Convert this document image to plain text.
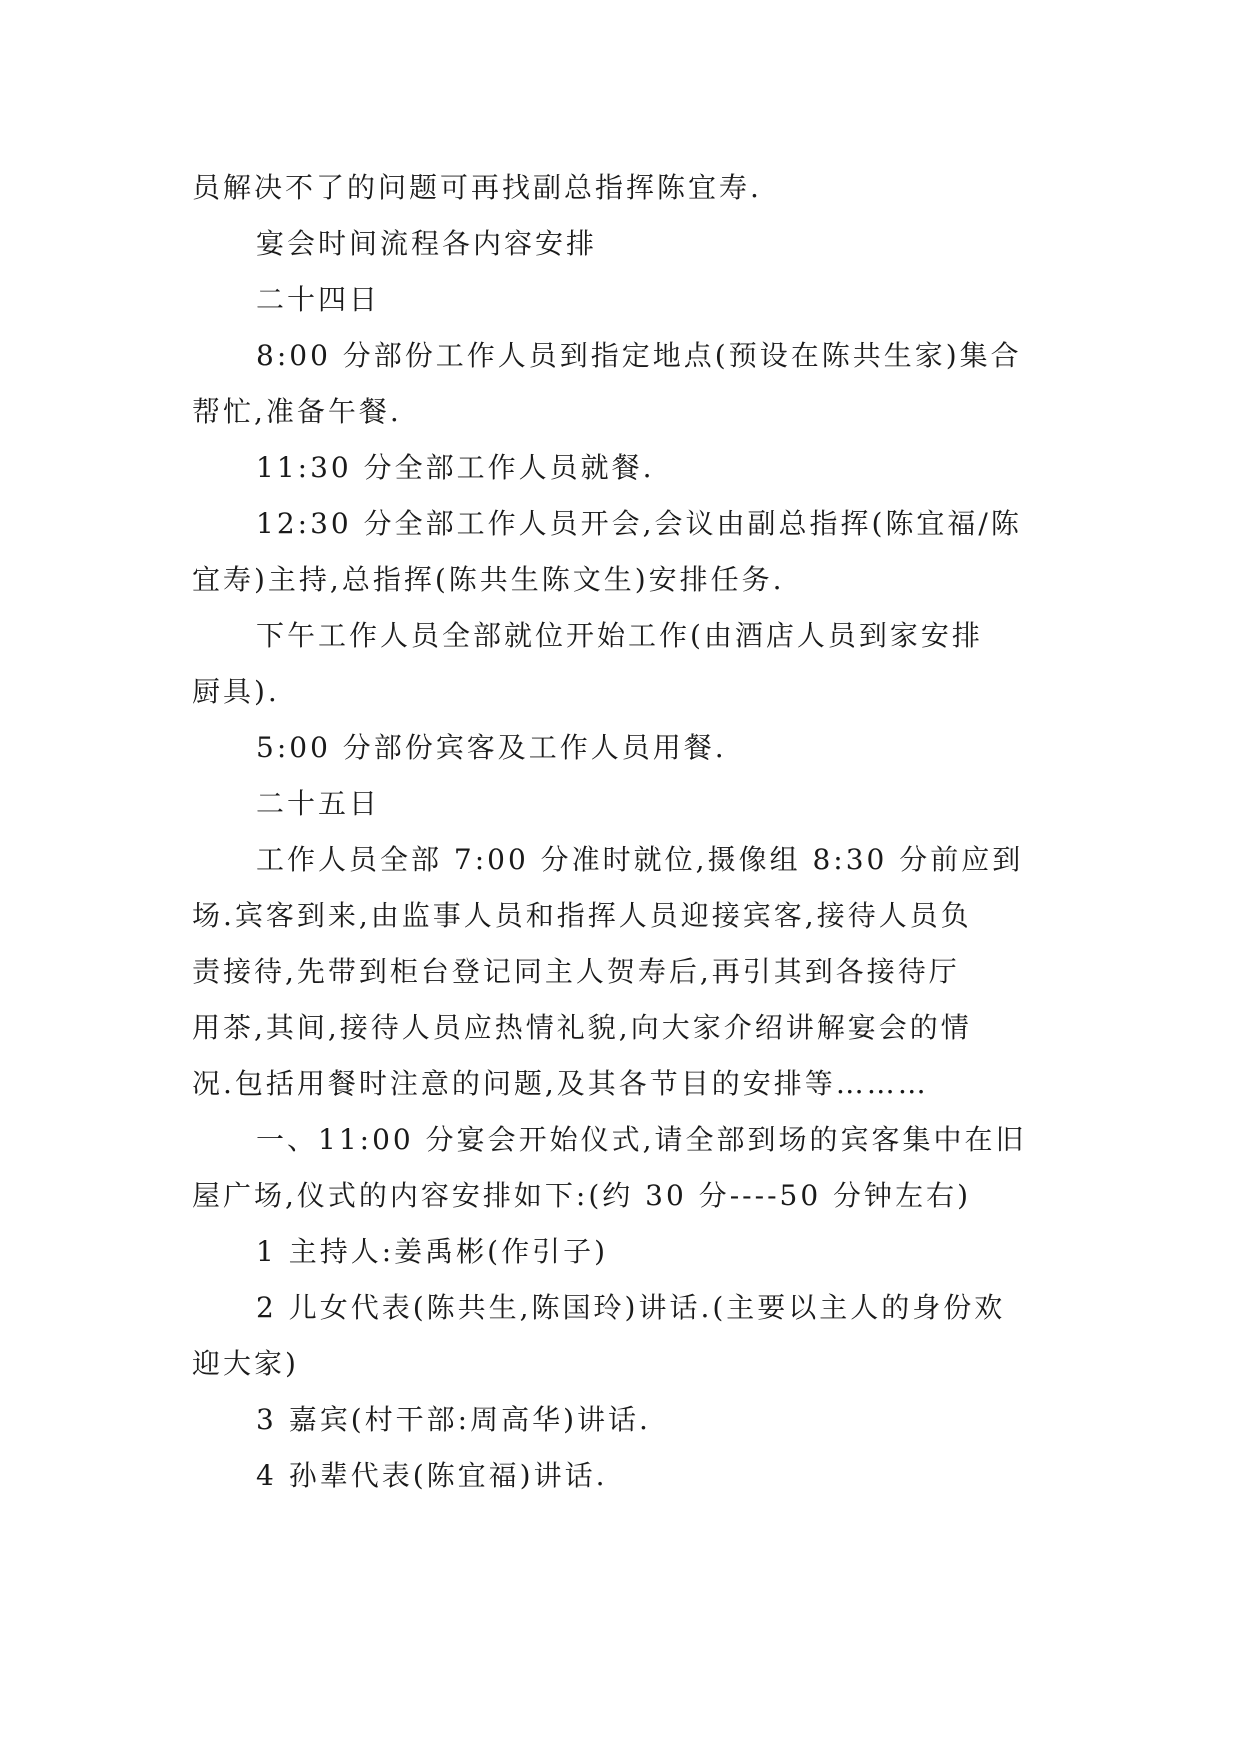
员解决不了的问题可再找副总指挥陈宜寿.

宴会时间流程各内容安排

二十四日

8:00 分部份工作人员到指定地点(预设在陈共生家)集合

帮忙,准备午餐.

11:30 分全部工作人员就餐.

12:30 分全部工作人员开会,会议由副总指挥(陈宜福/陈

宜寿)主持,总指挥(陈共生陈文生)安排任务.

下午工作人员全部就位开始工作(由酒店人员到家安排

厨具).

5:00 分部份宾客及工作人员用餐.

二十五日

工作人员全部 7:00 分准时就位,摄像组 8:30 分前应到

场.宾客到来,由监事人员和指挥人员迎接宾客,接待人员负
责接待,先带到柜台登记同主人贺寿后,再引其到各接待厅
用茶,其间,接待人员应热情礼貌,向大家介绍讲解宴会的情
况.包括用餐时注意的问题,及其各节目的安排等………

一、11:00 分宴会开始仪式,请全部到场的宾客集中在旧

屋广场,仪式的内容安排如下:(约 30 分----50 分钟左右)

1 主持人:姜禹彬(作引子)

2 儿女代表(陈共生,陈国玲)讲话.(主要以主人的身份欢

迎大家)

3 嘉宾(村干部:周高华)讲话.

4 孙辈代表(陈宜福)讲话.
